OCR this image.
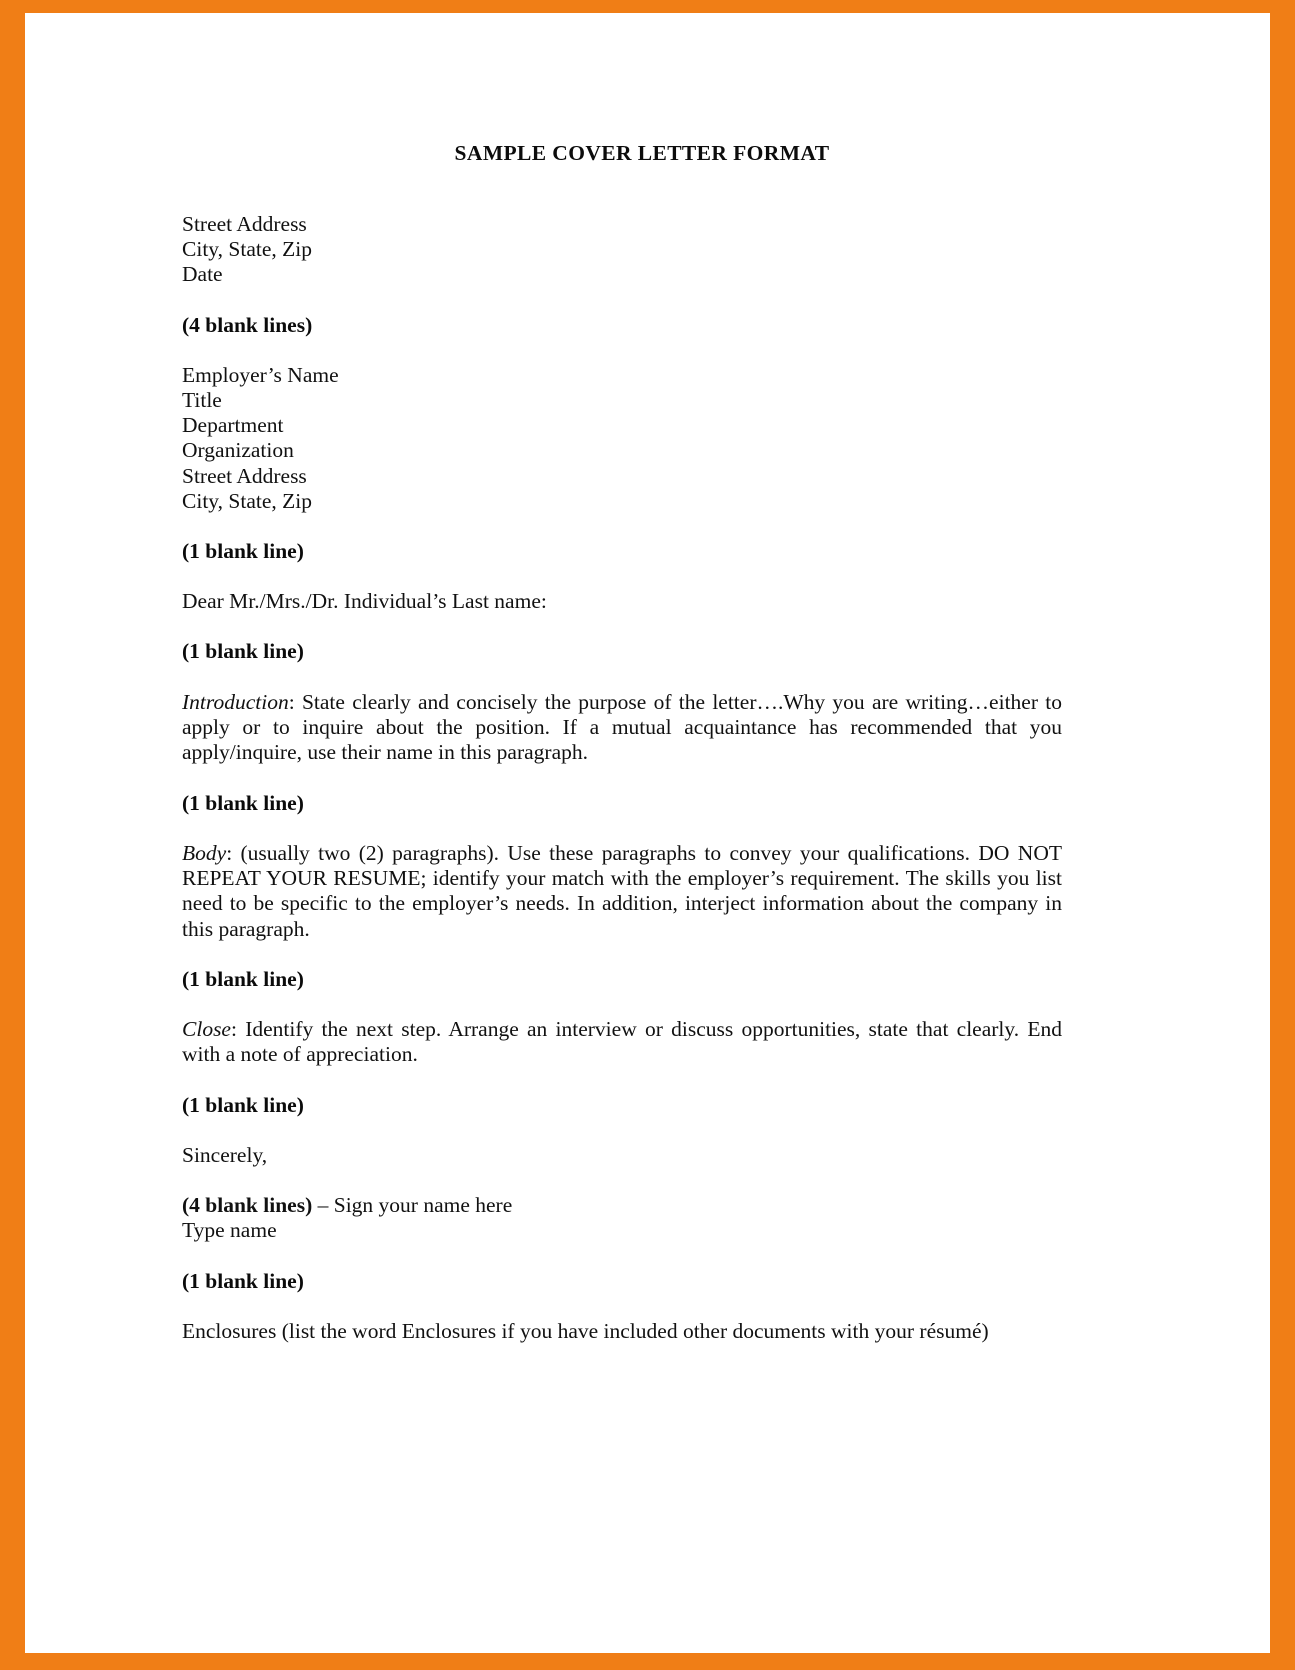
SAMPLE COVER LETTER FORMAT

Street Address

City, State, Zip

Date

(4 blank lines)

Employer’s Name

Title

Department

Organization

Street Address

City, State, Zip

(1 blank line)

Dear Mr./Mrs./Dr. Individual’s Last name:

(1 blank line)

Introduction: State clearly and concisely the purpose of the letter….Why you are writing…either to apply or to inquire about the position. If a mutual acquaintance has recommended that you apply/inquire, use their name in this paragraph.

(1 blank line)

Body: (usually two (2) paragraphs). Use these paragraphs to convey your qualifications. DO NOT REPEAT YOUR RESUME; identify your match with the employer’s requirement. The skills you list need to be specific to the employer’s needs. In addition, interject information about the company in this paragraph.

(1 blank line)

Close: Identify the next step. Arrange an interview or discuss opportunities, state that clearly. End with a note of appreciation.

(1 blank line)

Sincerely,

(4 blank lines) – Sign your name here

Type name

(1 blank line)

Enclosures (list the word Enclosures if you have included other documents with your résumé)
